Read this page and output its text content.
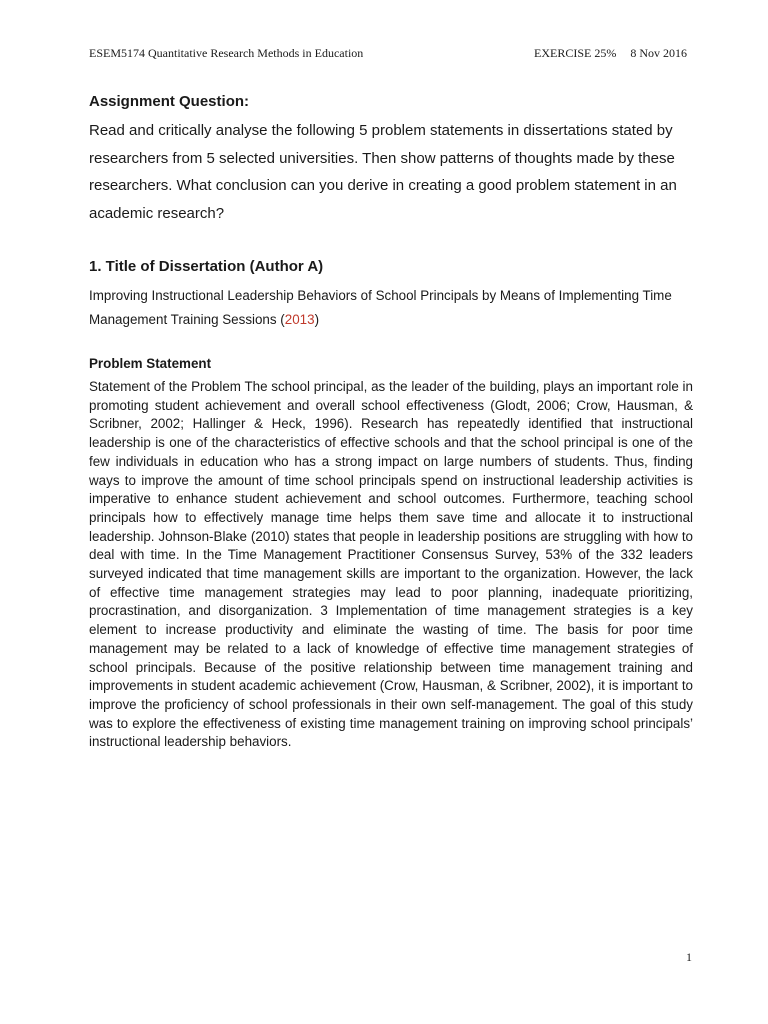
ESEM5174 Quantitative Research Methods in Education	EXERCISE 25% 8 Nov 2016
Assignment Question:

Read and critically analyse the following 5 problem statements in dissertations stated by researchers from 5 selected universities. Then show patterns of thoughts made by these researchers. What conclusion can you derive in creating a good problem statement in an academic research?

1. Title of Dissertation (Author A)

Improving Instructional Leadership Behaviors of School Principals by Means of Implementing Time Management Training Sessions (2013)

Problem Statement

Statement of the Problem The school principal, as the leader of the building, plays an important role in promoting student achievement and overall school effectiveness (Glodt, 2006; Crow, Hausman, & Scribner, 2002; Hallinger & Heck, 1996). Research has repeatedly identified that instructional leadership is one of the characteristics of effective schools and that the school principal is one of the few individuals in education who has a strong impact on large numbers of students. Thus, finding ways to improve the amount of time school principals spend on instructional leadership activities is imperative to enhance student achievement and school outcomes. Furthermore, teaching school principals how to effectively manage time helps them save time and allocate it to instructional leadership. Johnson-Blake (2010) states that people in leadership positions are struggling with how to deal with time. In the Time Management Practitioner Consensus Survey, 53% of the 332 leaders surveyed indicated that time management skills are important to the organization. However, the lack of effective time management strategies may lead to poor planning, inadequate prioritizing, procrastination, and disorganization. 3 Implementation of time management strategies is a key element to increase productivity and eliminate the wasting of time. The basis for poor time management may be related to a lack of knowledge of effective time management strategies of school principals. Because of the positive relationship between time management training and improvements in student academic achievement (Crow, Hausman, & Scribner, 2002), it is important to improve the proficiency of school professionals in their own self-management. The goal of this study was to explore the effectiveness of existing time management training on improving school principals’ instructional leadership behaviors.

1
